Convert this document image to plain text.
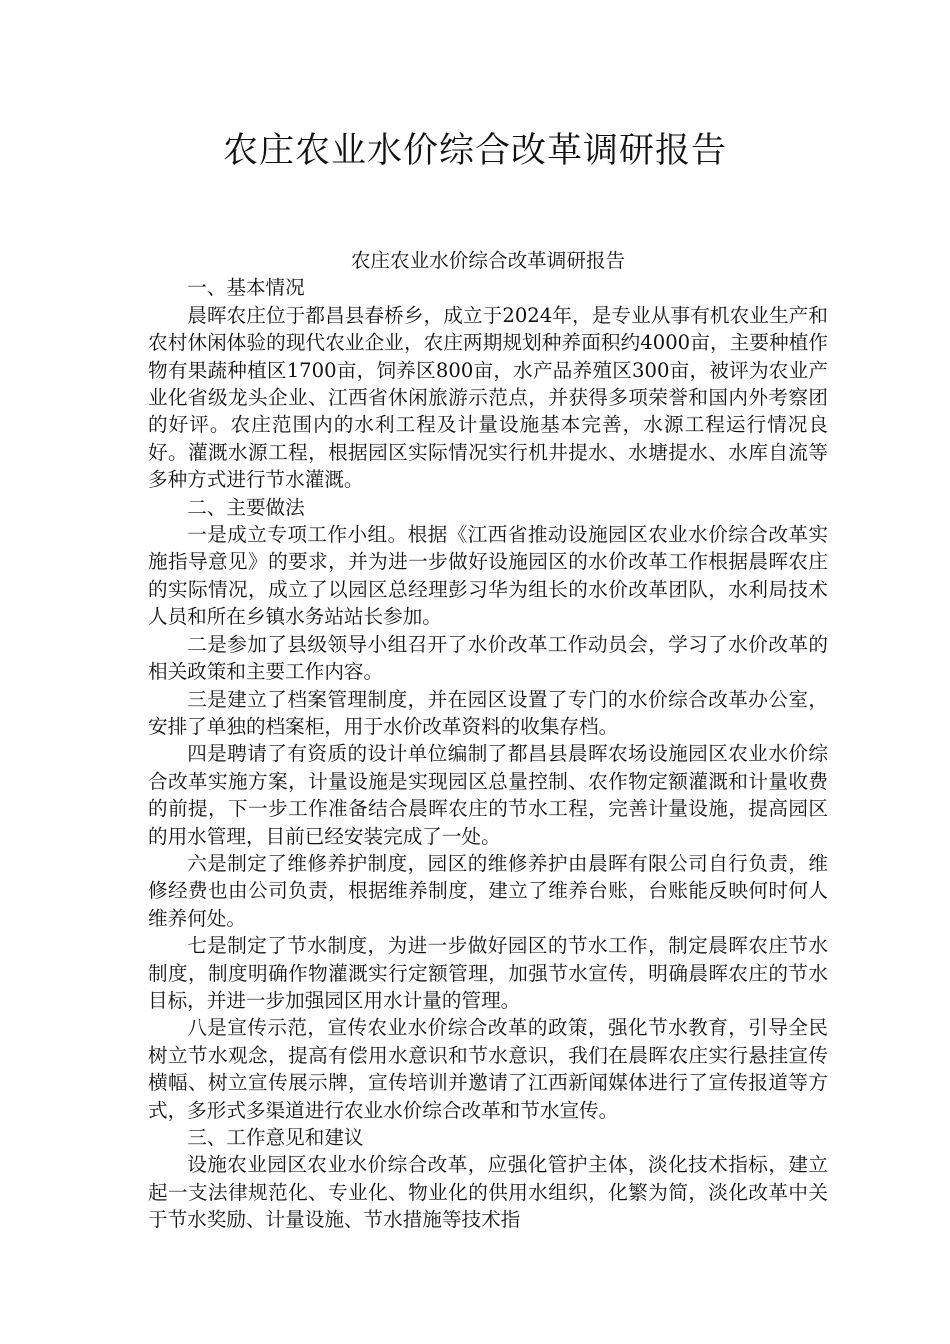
农庄农业水价综合改革调研报告

农庄农业水价综合改革调研报告

一、基本情况

晨晖农庄位于都昌县春桥乡，成立于2024年，是专业从事有机农业生产和农村休闲体验的现代农业企业，农庄两期规划种养面积约4000亩，主要种植作物有果蔬种植区1700亩，饲养区800亩，水产品养殖区300亩，被评为农业产业化省级龙头企业、江西省休闲旅游示范点，并获得多项荣誉和国内外考察团的好评。农庄范围内的水利工程及计量设施基本完善，水源工程运行情况良好。灌溉水源工程，根据园区实际情况实行机井提水、水塘提水、水库自流等多种方式进行节水灌溉。

二、主要做法

一是成立专项工作小组。根据《江西省推动设施园区农业水价综合改革实施指导意见》的要求，并为进一步做好设施园区的水价改革工作根据晨晖农庄的实际情况，成立了以园区总经理彭习华为组长的水价改革团队，水利局技术人员和所在乡镇水务站站长参加。

二是参加了县级领导小组召开了水价改革工作动员会，学习了水价改革的相关政策和主要工作内容。

三是建立了档案管理制度，并在园区设置了专门的水价综合改革办公室，安排了单独的档案柜，用于水价改革资料的收集存档。

四是聘请了有资质的设计单位编制了都昌县晨晖农场设施园区农业水价综合改革实施方案，计量设施是实现园区总量控制、农作物定额灌溉和计量收费的前提，下一步工作准备结合晨晖农庄的节水工程，完善计量设施，提高园区的用水管理，目前已经安装完成了一处。

六是制定了维修养护制度，园区的维修养护由晨晖有限公司自行负责，维修经费也由公司负责，根据维养制度，建立了维养台账，台账能反映何时何人维养何处。

七是制定了节水制度，为进一步做好园区的节水工作，制定晨晖农庄节水制度，制度明确作物灌溉实行定额管理，加强节水宣传，明确晨晖农庄的节水目标，并进一步加强园区用水计量的管理。

八是宣传示范，宣传农业水价综合改革的政策，强化节水教育，引导全民树立节水观念，提高有偿用水意识和节水意识，我们在晨晖农庄实行悬挂宣传横幅、树立宣传展示牌，宣传培训并邀请了江西新闻媒体进行了宣传报道等方式，多形式多渠道进行农业水价综合改革和节水宣传。

三、工作意见和建议

设施农业园区农业水价综合改革，应强化管护主体，淡化技术指标，建立起一支法律规范化、专业化、物业化的供用水组织，化繁为简，淡化改革中关于节水奖励、计量设施、节水措施等技术指
